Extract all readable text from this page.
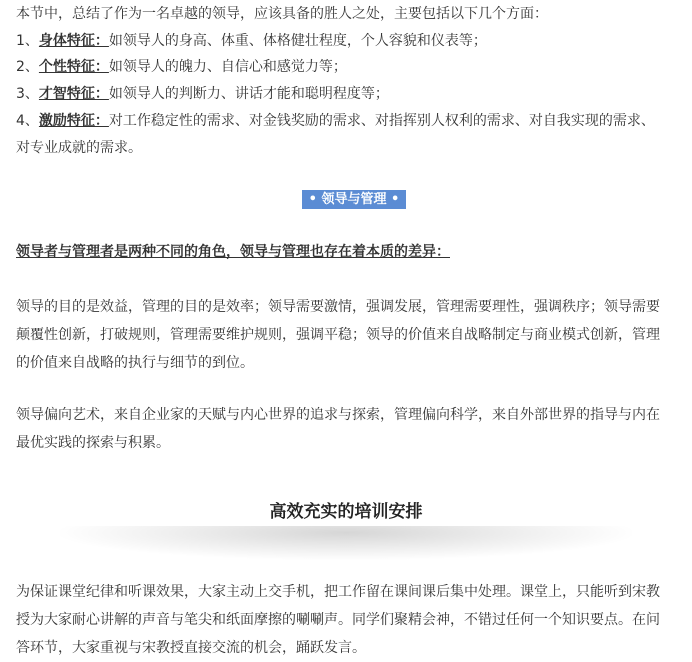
本节中，总结了作为一名卓越的领导，应该具备的胜人之处，主要包括以下几个方面：
1、身体特征：如领导人的身高、体重、体格健壮程度，个人容貌和仪表等；
2、个性特征：如领导人的魄力、自信心和感觉力等；
3、才智特征：如领导人的判断力、讲话才能和聪明程度等；
4、激励特征：对工作稳定性的需求、对金钱奖励的需求、对指挥别人权利的需求、对自我实现的需求、
对专业成就的需求。
• 领导与管理 •
领导者与管理者是两种不同的角色，领导与管理也存在着本质的差异：
领导的目的是效益，管理的目的是效率；领导需要激情，强调发展，管理需要理性，强调秩序；领导需要
颠覆性创新，打破规则，管理需要维护规则，强调平稳；领导的价值来自战略制定与商业模式创新，管理
的价值来自战略的执行与细节的到位。
领导偏向艺术，来自企业家的天赋与内心世界的追求与探索，管理偏向科学，来自外部世界的指导与内在
最优实践的探索与积累。
高效充实的培训安排
为保证课堂纪律和听课效果，大家主动上交手机，把工作留在课间课后集中处理。课堂上，只能听到宋教
授为大家耐心讲解的声音与笔尖和纸面摩擦的唰唰声。同学们聚精会神，不错过任何一个知识要点。在问
答环节，大家重视与宋教授直接交流的机会，踊跃发言。
